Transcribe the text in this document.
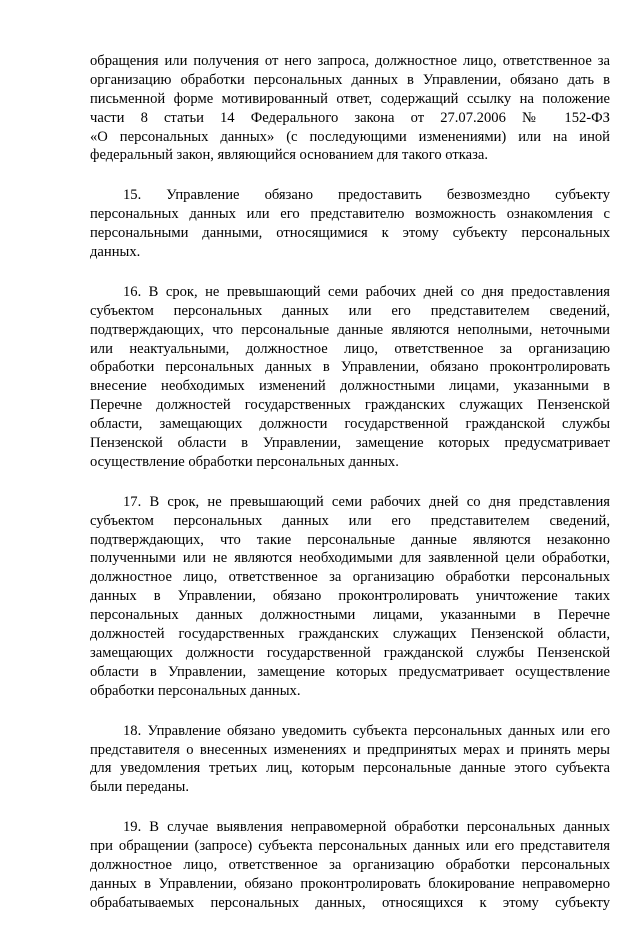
обращения или получения от него запроса, должностное лицо, ответственное за
организацию обработки персональных данных в Управлении, обязано дать в
письменной форме мотивированный ответ, содержащий ссылку на положение
части 8 статьи 14 Федерального закона от 27.07.2006 № 152-ФЗ
«О персональных данных» (с последующими изменениями) или на иной
федеральный закон, являющийся основанием для такого отказа.
15. Управление обязано предоставить безвозмездно субъекту
персональных данных или его представителю возможность ознакомления с
персональными данными, относящимися к этому субъекту персональных
данных.
16. В срок, не превышающий семи рабочих дней со дня предоставления
субъектом персональных данных или его представителем сведений,
подтверждающих, что персональные данные являются неполными, неточными
или неактуальными, должностное лицо, ответственное за организацию
обработки персональных данных в Управлении, обязано проконтролировать
внесение необходимых изменений должностными лицами, указанными в
Перечне должностей государственных гражданских служащих Пензенской
области, замещающих должности государственной гражданской службы
Пензенской области в Управлении, замещение которых предусматривает
осуществление обработки персональных данных.
17. В срок, не превышающий семи рабочих дней со дня представления
субъектом персональных данных или его представителем сведений,
подтверждающих, что такие персональные данные являются незаконно
полученными или не являются необходимыми для заявленной цели обработки,
должностное лицо, ответственное за организацию обработки персональных
данных в Управлении, обязано проконтролировать уничтожение таких
персональных данных должностными лицами, указанными в Перечне
должностей государственных гражданских служащих Пензенской области,
замещающих должности государственной гражданской службы Пензенской
области в Управлении, замещение которых предусматривает осуществление
обработки персональных данных.
18. Управление обязано уведомить субъекта персональных данных или его
представителя о внесенных изменениях и предпринятых мерах и принять меры
для уведомления третьих лиц, которым персональные данные этого субъекта
были переданы.
19. В случае выявления неправомерной обработки персональных данных
при обращении (запросе) субъекта персональных данных или его представителя
должностное лицо, ответственное за организацию обработки персональных
данных в Управлении, обязано проконтролировать блокирование неправомерно
обрабатываемых персональных данных, относящихся к этому субъекту
